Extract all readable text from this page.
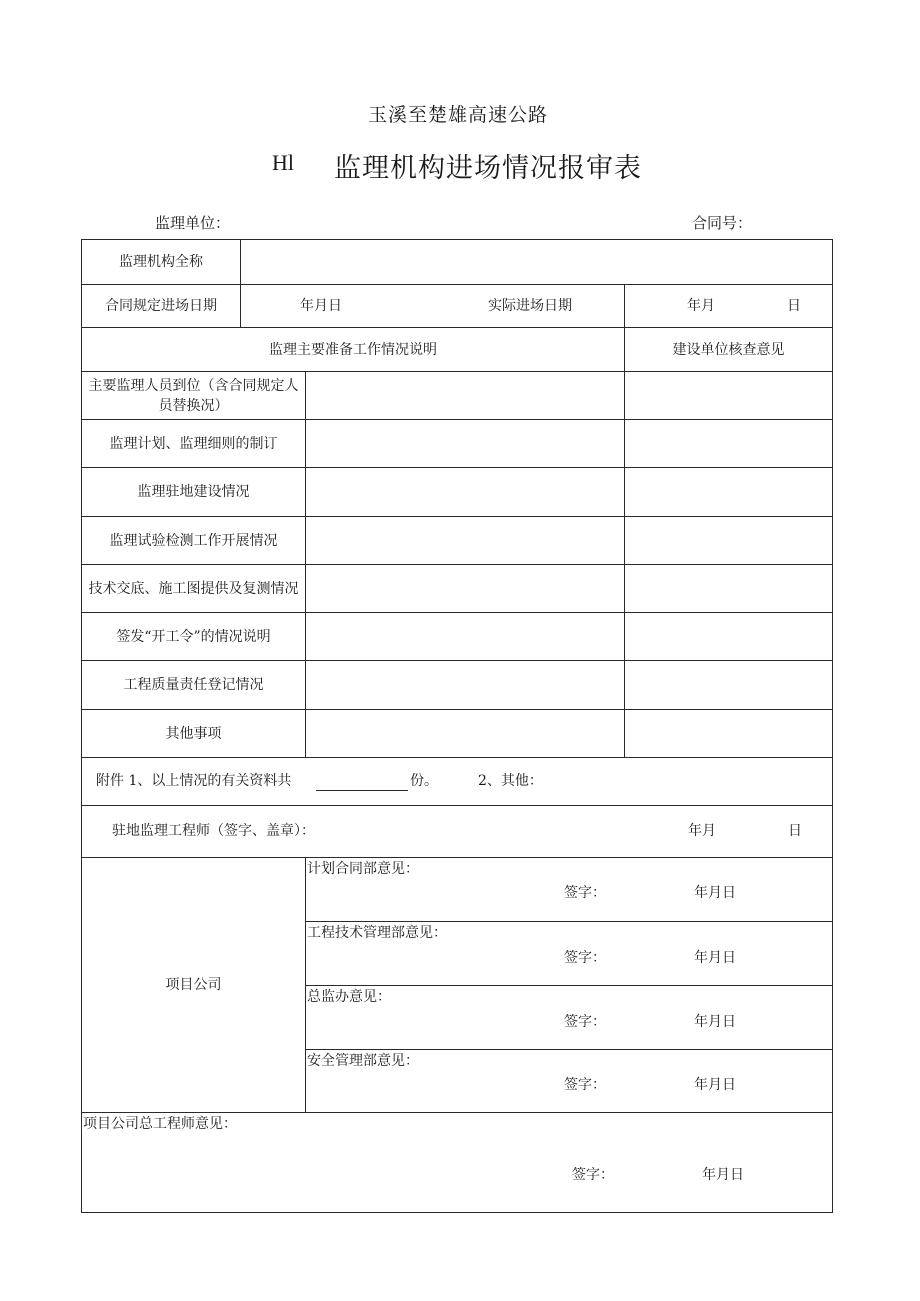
玉溪至楚雄高速公路
Hl 监理机构进场情况报审表
监理单位：	合同号：
监理机构全称
合同规定进场日期	年月日	实际进场日期	年月	日
监理主要准备工作情况说明	建设单位核查意见
主要监理人员到位（含合同规定人员替换况）
监理计划、监理细则的制订
监理驻地建设情况
监理试验检测工作开展情况
技术交底、施工图提供及复测情况
签发“开工令”的情况说明
工程质量责任登记情况
其他事项
附件 1、以上情况的有关资料共	份。	2、其他：
驻地监理工程师（签字、盖章）：	年月	日
项目公司
计划合同部意见：
签字：	年月日
工程技术管理部意见：
签字：	年月日
总监办意见：
签字：	年月日
安全管理部意见：
签字：	年月日
项目公司总工程师意见：
签字：	年月日
